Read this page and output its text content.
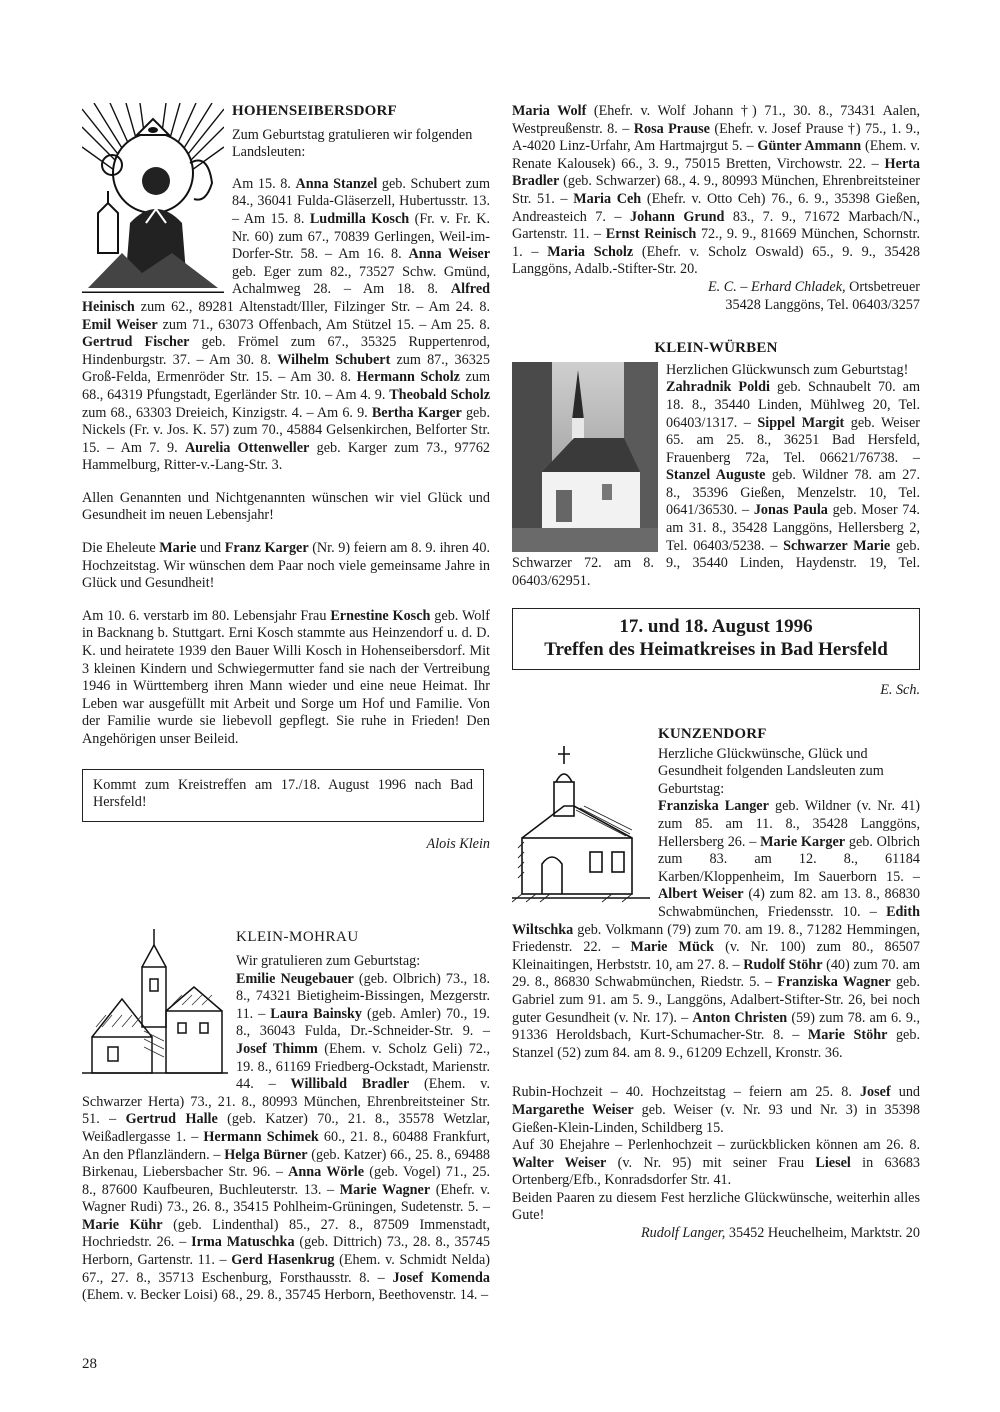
HOHENSEIBERSDORF

Zum Geburtstag gratulieren wir folgenden Landsleuten:

Am 15. 8. Anna Stanzel geb. Schubert zum 84., 36041 Fulda-Gläserzell, Hubertusstr. 13. – Am 15. 8. Ludmilla Kosch (Fr. v. Fr. K. Nr. 60) zum 67., 70839 Gerlingen, Weil-im-Dorfer-Str. 58. – Am 16. 8. Anna Weiser geb. Eger zum 82., 73527 Schw. Gmünd, Achalmweg 28. – Am 18. 8. Alfred Heinisch zum 62., 89281 Altenstadt/Iller, Filzinger Str. – Am 24. 8. Emil Weiser zum 71., 63073 Offenbach, Am Stützel 15. – Am 25. 8. Gertrud Fischer geb. Frömel zum 67., 35325 Ruppertenrod, Hindenburgstr. 37. – Am 30. 8. Wilhelm Schubert zum 87., 36325 Groß-Felda, Ermenröder Str. 15. – Am 30. 8. Hermann Scholz zum 68., 64319 Pfungstadt, Egerländer Str. 10. – Am 4. 9. Theobald Scholz zum 68., 63303 Dreieich, Kinzigstr. 4. – Am 6. 9. Bertha Karger geb. Nickels (Fr. v. Jos. K. 57) zum 70., 45884 Gelsenkirchen, Belforter Str. 15. – Am 7. 9. Aurelia Ottenweller geb. Karger zum 73., 97762 Hammelburg, Ritter-v.-Lang-Str. 3.

Allen Genannten und Nichtgenannten wünschen wir viel Glück und Gesundheit im neuen Lebensjahr!

Die Eheleute Marie und Franz Karger (Nr. 9) feiern am 8. 9. ihren 40. Hochzeitstag. Wir wünschen dem Paar noch viele gemeinsame Jahre in Glück und Gesundheit!

Am 10. 6. verstarb im 80. Lebensjahr Frau Ernestine Kosch geb. Wolf in Backnang b. Stuttgart. Erni Kosch stammte aus Heinzendorf u. d. D. K. und heiratete 1939 den Bauer Willi Kosch in Hohenseibersdorf. Mit 3 kleinen Kindern und Schwiegermutter fand sie nach der Vertreibung 1946 in Württemberg ihren Mann wieder und eine neue Heimat. Ihr Leben war ausgefüllt mit Arbeit und Sorge um Hof und Familie. Von der Familie wurde sie liebevoll gepflegt. Sie ruhe in Frieden! Den Angehörigen unser Beileid.

Kommt zum Kreistreffen am 17./18. August 1996 nach Bad Hersfeld!

Alois Klein

KLEIN-MOHRAU

Wir gratulieren zum Geburtstag:

Emilie Neugebauer (geb. Olbrich) 73., 18. 8., 74321 Bietigheim-Bissingen, Mezgerstr. 11. – Laura Bainsky (geb. Amler) 70., 19. 8., 36043 Fulda, Dr.-Schneider-Str. 9. – Josef Thimm (Ehem. v. Scholz Geli) 72., 19. 8., 61169 Friedberg-Ockstadt, Marienstr. 44. – Willibald Bradler (Ehem. v. Schwarzer Herta) 73., 21. 8., 80993 München, Ehrenbreitsteiner Str. 51. – Gertrud Halle (geb. Katzer) 70., 21. 8., 35578 Wetzlar, Weißadlergasse 1. – Hermann Schimek 60., 21. 8., 60488 Frankfurt, An den Pflanzländern. – Helga Bürner (geb. Katzer) 66., 25. 8., 69488 Birkenau, Liebersbacher Str. 96. – Anna Wörle (geb. Vogel) 71., 25. 8., 87600 Kaufbeuren, Buchleuterstr. 13. – Marie Wagner (Ehefr. v. Wagner Rudi) 73., 26. 8., 35415 Pohlheim-Grüningen, Sudetenstr. 5. – Marie Kühr (geb. Lindenthal) 85., 27. 8., 87509 Immenstadt, Hochriedstr. 26. – Irma Matuschka (geb. Dittrich) 73., 28. 8., 35745 Herborn, Gartenstr. 11. – Gerd Hasenkrug (Ehem. v. Schmidt Nelda) 67., 27. 8., 35713 Eschenburg, Forsthausstr. 8. – Josef Komenda (Ehem. v. Becker Loisi) 68., 29. 8., 35745 Herborn, Beethovenstr. 14. –

Maria Wolf (Ehefr. v. Wolf Johann †) 71., 30. 8., 73431 Aalen, Westpreußenstr. 8. – Rosa Prause (Ehefr. v. Josef Prause †) 75., 1. 9., A-4020 Linz-Urfahr, Am Hartmajrgut 5. – Günter Ammann (Ehem. v. Renate Kalousek) 66., 3. 9., 75015 Bretten, Virchowstr. 22. – Herta Bradler (geb. Schwarzer) 68., 4. 9., 80993 München, Ehrenbreitsteiner Str. 51. – Maria Ceh (Ehefr. v. Otto Ceh) 76., 6. 9., 35398 Gießen, Andreasteich 7. – Johann Grund 83., 7. 9., 71672 Marbach/N., Gartenstr. 11. – Ernst Reinisch 72., 9. 9., 81669 München, Schornstr. 1. – Maria Scholz (Ehefr. v. Scholz Oswald) 65., 9. 9., 35428 Langgöns, Adalb.-Stifter-Str. 20.

E. C. – Erhard Chladek, Ortsbetreuer
35428 Langgöns, Tel. 06403/3257

KLEIN-WÜRBEN

Herzlichen Glückwunsch zum Geburtstag!

Zahradnik Poldi geb. Schnaubelt 70. am 18. 8., 35440 Linden, Mühlweg 20, Tel. 06403/1317. – Sippel Margit geb. Weiser 65. am 25. 8., 36251 Bad Hersfeld, Frauenberg 72a, Tel. 06621/76738. – Stanzel Auguste geb. Wildner 78. am 27. 8., 35396 Gießen, Menzelstr. 10, Tel. 0641/36530. – Jonas Paula geb. Moser 74. am 31. 8., 35428 Langgöns, Hellersberg 2, Tel. 06403/5238. – Schwarzer Marie geb. Schwarzer 72. am 8. 9., 35440 Linden, Haydenstr. 19, Tel. 06403/62951.

17. und 18. August 1996
Treffen des Heimatkreises in Bad Hersfeld

E. Sch.

KUNZENDORF

Herzliche Glückwünsche, Glück und Gesundheit folgenden Landsleuten zum Geburtstag:

Franziska Langer geb. Wildner (v. Nr. 41) zum 85. am 11. 8., 35428 Langgöns, Hellersberg 26. – Marie Karger geb. Olbrich zum 83. am 12. 8., 61184 Karben/Kloppenheim, Im Sauerborn 15. – Albert Weiser (4) zum 82. am 13. 8., 86830 Schwabmünchen, Friedensstr. 10. – Edith Wiltschka geb. Volkmann (79) zum 70. am 19. 8., 71282 Hemmingen, Friedenstr. 22. – Marie Mück (v. Nr. 100) zum 80., 86507 Kleinaitingen, Herbststr. 10, am 27. 8. – Rudolf Stöhr (40) zum 70. am 29. 8., 86830 Schwabmünchen, Riedstr. 5. – Franziska Wagner geb. Gabriel zum 91. am 5. 9., Langgöns, Adalbert-Stifter-Str. 26, bei noch guter Gesundheit (v. Nr. 17). – Anton Christen (59) zum 78. am 6. 9., 91336 Heroldsbach, Kurt-Schumacher-Str. 8. – Marie Stöhr geb. Stanzel (52) zum 84. am 8. 9., 61209 Echzell, Kronstr. 36.

Rubin-Hochzeit – 40. Hochzeitstag – feiern am 25. 8. Josef und Margarethe Weiser geb. Weiser (v. Nr. 93 und Nr. 3) in 35398 Gießen-Klein-Linden, Schildberg 15.

Auf 30 Ehejahre – Perlenhochzeit – zurückblicken können am 26. 8. Walter Weiser (v. Nr. 95) mit seiner Frau Liesel in 63683 Ortenberg/Efb., Konradsdorfer Str. 41.

Beiden Paaren zu diesem Fest herzliche Glückwünsche, weiterhin alles Gute!

Rudolf Langer, 35452 Heuchelheim, Marktstr. 20

28
